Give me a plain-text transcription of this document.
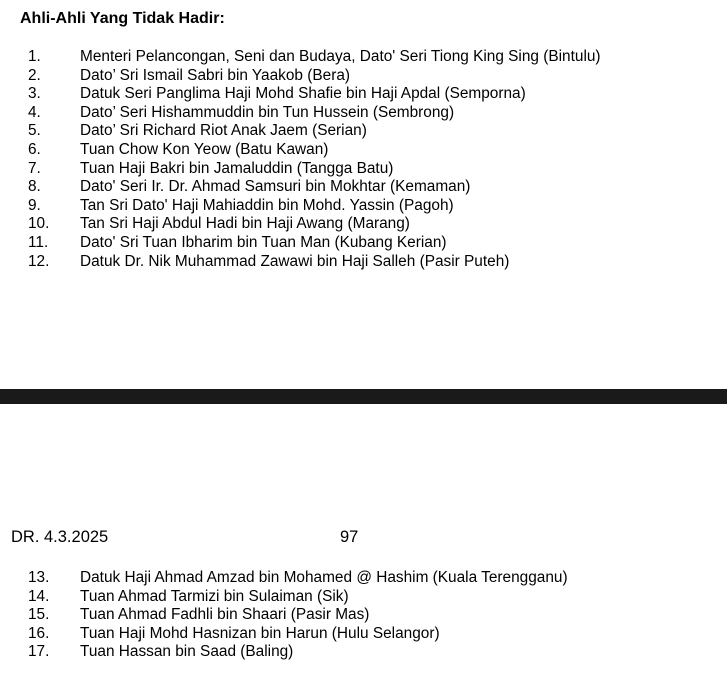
Ahli-Ahli Yang Tidak Hadir:
1.	Menteri Pelancongan, Seni dan Budaya, Dato' Seri Tiong King Sing (Bintulu)
2.	Dato’ Sri Ismail Sabri bin Yaakob (Bera)
3.	Datuk Seri Panglima Haji Mohd Shafie bin Haji Apdal (Semporna)
4.	Dato’ Seri Hishammuddin bin Tun Hussein (Sembrong)
5.	Dato’ Sri Richard Riot Anak Jaem (Serian)
6.	Tuan Chow Kon Yeow (Batu Kawan)
7.	Tuan Haji Bakri bin Jamaluddin (Tangga Batu)
8.	Dato' Seri Ir. Dr. Ahmad Samsuri bin Mokhtar (Kemaman)
9.	Tan Sri Dato' Haji Mahiaddin bin Mohd. Yassin (Pagoh)
10. Tan Sri Haji Abdul Hadi bin Haji Awang (Marang)
11. Dato' Sri Tuan Ibharim bin Tuan Man (Kubang Kerian)
12. Datuk Dr. Nik Muhammad Zawawi bin Haji Salleh (Pasir Puteh)
DR. 4.3.2025	97
13. Datuk Haji Ahmad Amzad bin Mohamed @ Hashim (Kuala Terengganu)
14. Tuan Ahmad Tarmizi bin Sulaiman (Sik)
15. Tuan Ahmad Fadhli bin Shaari (Pasir Mas)
16. Tuan Haji Mohd Hasnizan bin Harun (Hulu Selangor)
17. Tuan Hassan bin Saad (Baling)
